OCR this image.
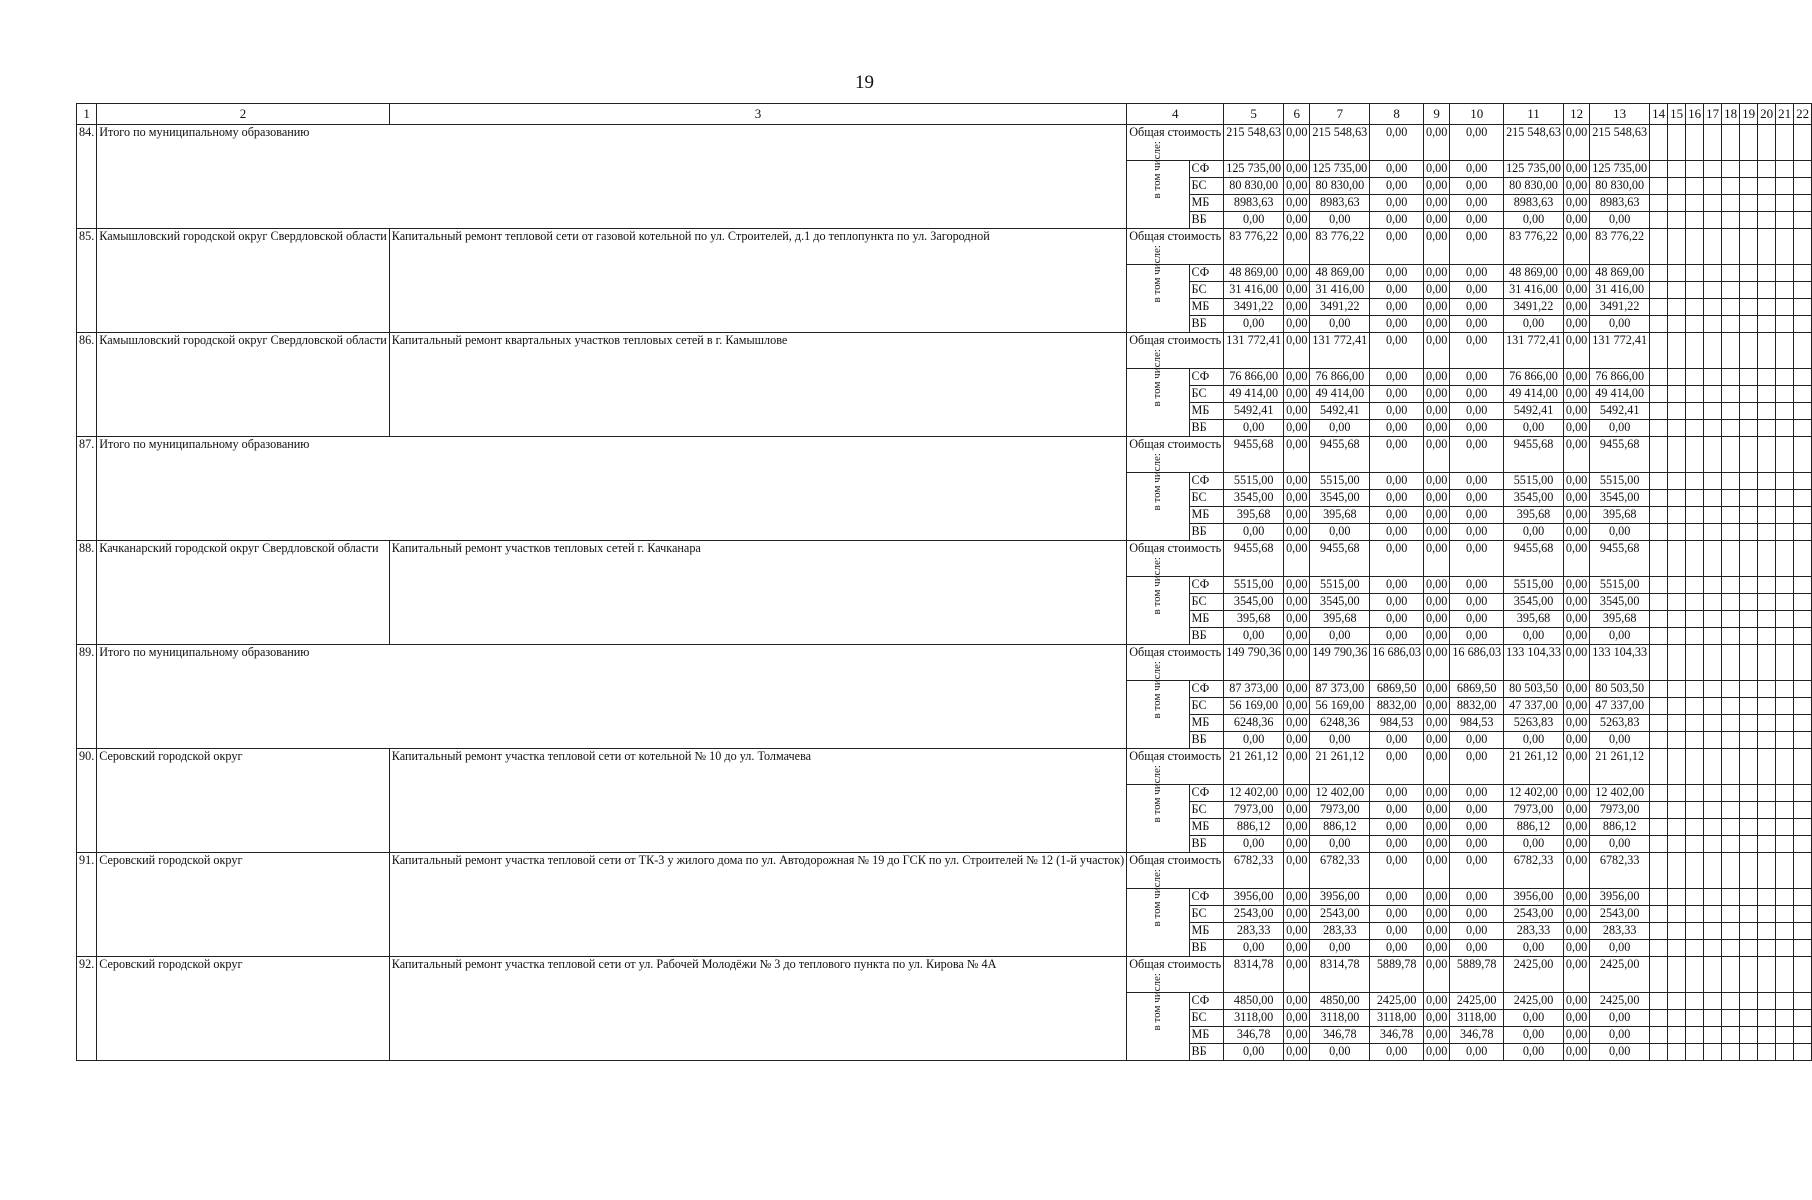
19
1	2	3	4		5	6	7	8	9	10	11	12	13	14	15	16	17	18	19	20	21	22
84.	Итого по муниципальному образованию		Общая стоимость		215 548,63	0,00	215 548,63	0,00	0,00	0,00	215 548,63	0,00	215 548,63									
			в том числе:	СФ	125 735,00	0,00	125 735,00	0,00	0,00	0,00	125 735,00	0,00	125 735,00									
				БС	80 830,00	0,00	80 830,00	0,00	0,00	0,00	80 830,00	0,00	80 830,00									
				МБ	8983,63	0,00	8983,63	0,00	0,00	0,00	8983,63	0,00	8983,63									
				ВБ	0,00	0,00	0,00	0,00	0,00	0,00	0,00	0,00	0,00									
85.	Камышловский городской округ Свердловской области	Капитальный ремонт тепловой сети от газовой котельной по ул. Строителей, д.1 до теплопункта по ул. Загородной	Общая стоимость		83 776,22	0,00	83 776,22	0,00	0,00	0,00	83 776,22	0,00	83 776,22									
			в том числе:	СФ	48 869,00	0,00	48 869,00	0,00	0,00	0,00	48 869,00	0,00	48 869,00									
				БС	31 416,00	0,00	31 416,00	0,00	0,00	0,00	31 416,00	0,00	31 416,00									
				МБ	3491,22	0,00	3491,22	0,00	0,00	0,00	3491,22	0,00	3491,22									
				ВБ	0,00	0,00	0,00	0,00	0,00	0,00	0,00	0,00	0,00									
86.	Камышловский городской округ Свердловской области	Капитальный ремонт квартальных участков тепловых сетей в г. Камышлове	Общая стоимость		131 772,41	0,00	131 772,41	0,00	0,00	0,00	131 772,41	0,00	131 772,41									
			в том числе:	СФ	76 866,00	0,00	76 866,00	0,00	0,00	0,00	76 866,00	0,00	76 866,00									
				БС	49 414,00	0,00	49 414,00	0,00	0,00	0,00	49 414,00	0,00	49 414,00									
				МБ	5492,41	0,00	5492,41	0,00	0,00	0,00	5492,41	0,00	5492,41									
				ВБ	0,00	0,00	0,00	0,00	0,00	0,00	0,00	0,00	0,00									
87.	Итого по муниципальному образованию		Общая стоимость		9455,68	0,00	9455,68	0,00	0,00	0,00	9455,68	0,00	9455,68									
			в том числе:	СФ	5515,00	0,00	5515,00	0,00	0,00	0,00	5515,00	0,00	5515,00									
				БС	3545,00	0,00	3545,00	0,00	0,00	0,00	3545,00	0,00	3545,00									
				МБ	395,68	0,00	395,68	0,00	0,00	0,00	395,68	0,00	395,68									
				ВБ	0,00	0,00	0,00	0,00	0,00	0,00	0,00	0,00	0,00									
88.	Качканарский городской округ Свердловской области	Капитальный ремонт участков тепловых сетей г. Качканара	Общая стоимость		9455,68	0,00	9455,68	0,00	0,00	0,00	9455,68	0,00	9455,68									
			в том числе:	СФ	5515,00	0,00	5515,00	0,00	0,00	0,00	5515,00	0,00	5515,00									
				БС	3545,00	0,00	3545,00	0,00	0,00	0,00	3545,00	0,00	3545,00									
				МБ	395,68	0,00	395,68	0,00	0,00	0,00	395,68	0,00	395,68									
				ВБ	0,00	0,00	0,00	0,00	0,00	0,00	0,00	0,00	0,00									
89.	Итого по муниципальному образованию		Общая стоимость		149 790,36	0,00	149 790,36	16 686,03	0,00	16 686,03	133 104,33	0,00	133 104,33									
			в том числе:	СФ	87 373,00	0,00	87 373,00	6869,50	0,00	6869,50	80 503,50	0,00	80 503,50									
				БС	56 169,00	0,00	56 169,00	8832,00	0,00	8832,00	47 337,00	0,00	47 337,00									
				МБ	6248,36	0,00	6248,36	984,53	0,00	984,53	5263,83	0,00	5263,83									
				ВБ	0,00	0,00	0,00	0,00	0,00	0,00	0,00	0,00	0,00									
90.	Серовский городской округ	Капитальный ремонт участка тепловой сети от котельной № 10 до ул. Толмачева	Общая стоимость		21 261,12	0,00	21 261,12	0,00	0,00	0,00	21 261,12	0,00	21 261,12									
			в том числе:	СФ	12 402,00	0,00	12 402,00	0,00	0,00	0,00	12 402,00	0,00	12 402,00									
				БС	7973,00	0,00	7973,00	0,00	0,00	0,00	7973,00	0,00	7973,00									
				МБ	886,12	0,00	886,12	0,00	0,00	0,00	886,12	0,00	886,12									
				ВБ	0,00	0,00	0,00	0,00	0,00	0,00	0,00	0,00	0,00									
91.	Серовский городской округ	Капитальный ремонт участка тепловой сети от ТК-3 у жилого дома по ул. Автодорожная № 19 до ГСК по ул. Строителей № 12 (1-й участок)	Общая стоимость		6782,33	0,00	6782,33	0,00	0,00	0,00	6782,33	0,00	6782,33									
			в том числе:	СФ	3956,00	0,00	3956,00	0,00	0,00	0,00	3956,00	0,00	3956,00									
				БС	2543,00	0,00	2543,00	0,00	0,00	0,00	2543,00	0,00	2543,00									
				МБ	283,33	0,00	283,33	0,00	0,00	0,00	283,33	0,00	283,33									
				ВБ	0,00	0,00	0,00	0,00	0,00	0,00	0,00	0,00	0,00									
92.	Серовский городской округ	Капитальный ремонт участка тепловой сети от ул. Рабочей Молодёжи № 3 до теплового пункта по ул. Кирова № 4А	Общая стоимость		8314,78	0,00	8314,78	5889,78	0,00	5889,78	2425,00	0,00	2425,00									
			в том числе:	СФ	4850,00	0,00	4850,00	2425,00	0,00	2425,00	2425,00	0,00	2425,00									
				БС	3118,00	0,00	3118,00	3118,00	0,00	3118,00	0,00	0,00	0,00									
				МБ	346,78	0,00	346,78	346,78	0,00	346,78	0,00	0,00	0,00									
				ВБ	0,00	0,00	0,00	0,00	0,00	0,00	0,00	0,00	0,00									
